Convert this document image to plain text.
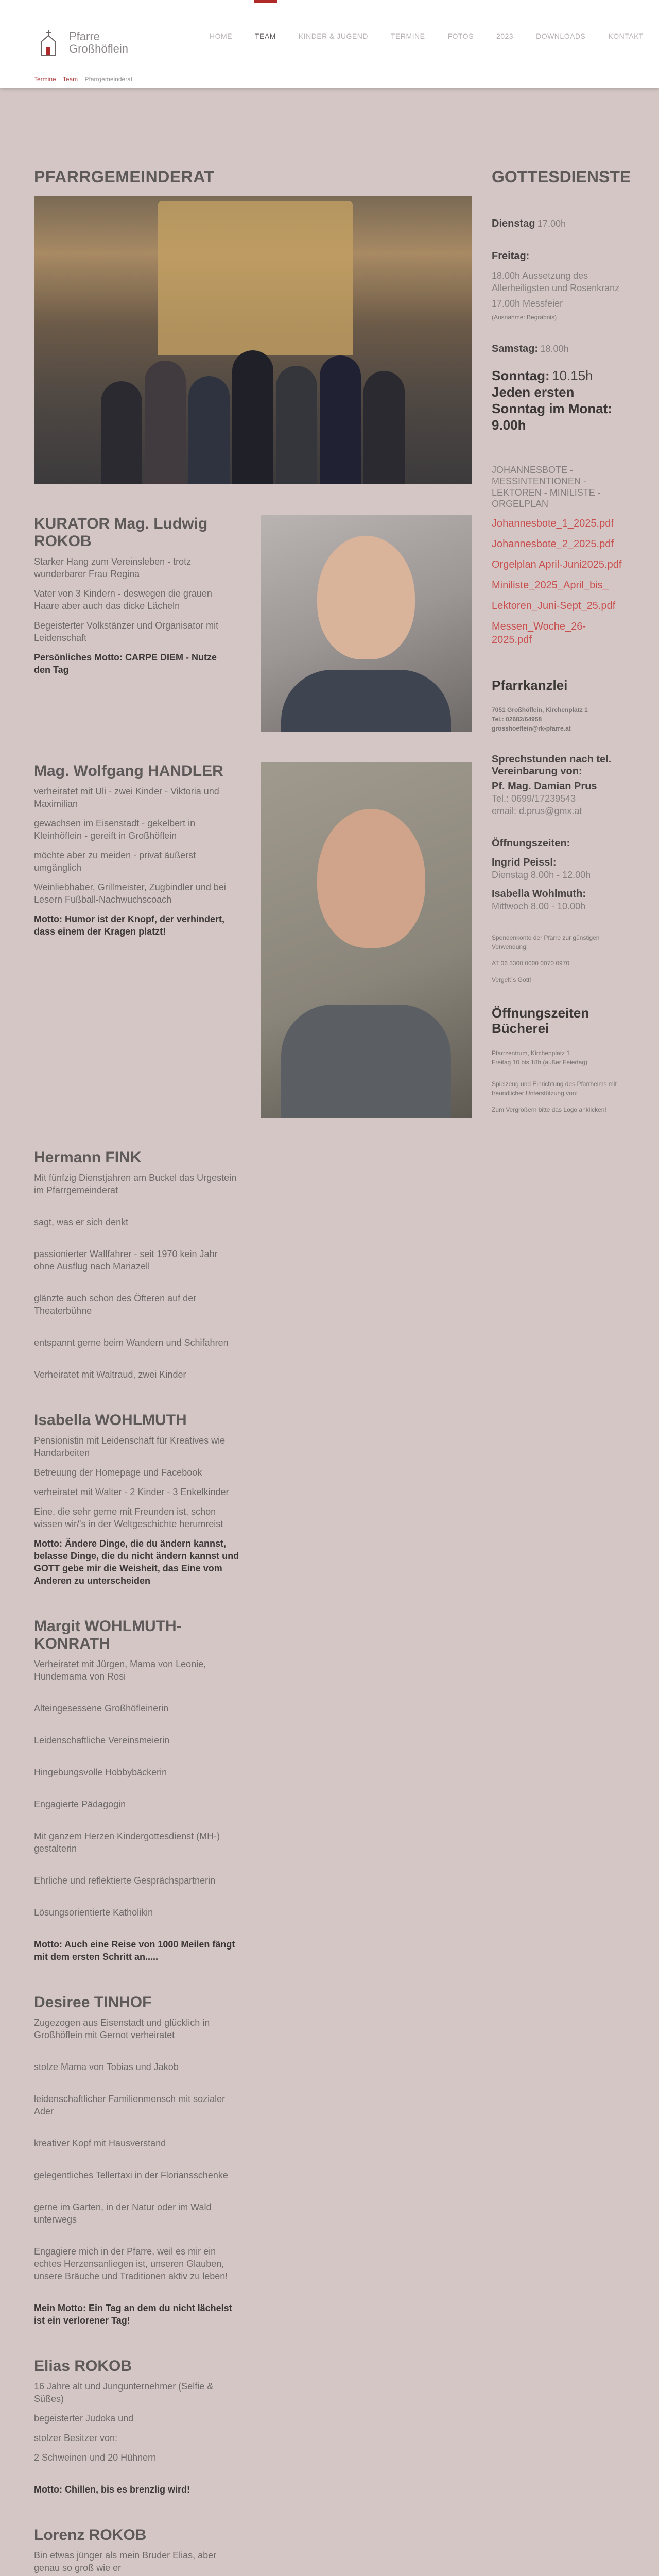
Pfarre
Großhöflein
Termine Team Pfarrgemeinderat
HOME	TEAM	KINDER & JUGEND	TERMINE	FOTOS	2023	DOWNLOADS	KONTAKT
PFARRGEMEINDERAT
KURATOR Mag. Ludwig ROKOB

Starker Hang zum Vereinsleben - trotz wunderbarer Frau Regina

Vater von 3 Kindern - deswegen die grauen Haare aber auch das dicke Lächeln

Begeisterter Volkstänzer und Organisator mit Leidenschaft

Persönliches Motto: CARPE DIEM - Nutze den Tag

Mag. Wolfgang HANDLER

verheiratet mit Uli - zwei Kinder - Viktoria und Maximilian

gewachsen im Eisenstadt - gekelbert in Kleinhöflein - gereift in Großhöflein

möchte aber zu meiden - privat äußerst umgänglich

Weinliebhaber, Grillmeister, Zugbindler und bei Lesern Fußball-Nachwuchscoach

Motto: Humor ist der Knopf, der verhindert, dass einem der Kragen platzt!

Hermann FINK

Mit fünfzig Dienstjahren am Buckel das Urgestein im Pfarrgemeinderat

sagt, was er sich denkt

passionierter Wallfahrer - seit 1970 kein Jahr ohne Ausflug nach Mariazell

glänzte auch schon des Öfteren auf der Theaterbühne

entspannt gerne beim Wandern und Schifahren

Verheiratet mit Waltraud, zwei Kinder

Isabella WOHLMUTH

Pensionistin mit Leidenschaft für Kreatives wie Handarbeiten

Betreuung der Homepage und Facebook

verheiratet mit Walter - 2 Kinder - 3 Enkelkinder

Eine, die sehr gerne mit Freunden ist, schon wissen wir/'s in der Weltgeschichte herumreist

Motto: Ändere Dinge, die du ändern kannst, belasse Dinge, die du nicht ändern kannst und GOTT gebe mir die Weisheit, das Eine vom Anderen zu unterscheiden

Margit WOHLMUTH-KONRATH

Verheiratet mit Jürgen, Mama von Leonie, Hundemama von Rosi

Alteingesessene Großhöfleinerin

Leidenschaftliche Vereinsmeierin

Hingebungsvolle Hobbybäckerin

Engagierte Pädagogin

Mit ganzem Herzen Kindergottesdienst (MH-) gestalterin

Ehrliche und reflektierte Gesprächspartnerin

Lösungsorientierte Katholikin

Motto: Auch eine Reise von 1000 Meilen fängt mit dem ersten Schritt an.....

Desiree TINHOF

Zugezogen aus Eisenstadt und glücklich in Großhöflein mit Gernot verheiratet

stolze Mama von Tobias und Jakob

leidenschaftlicher Familienmensch mit sozialer Ader

kreativer Kopf mit Hausverstand

gelegentliches Tellertaxi in der Floriansschenke

gerne im Garten, in der Natur oder im Wald unterwegs

Engagiere mich in der Pfarre, weil es mir ein echtes Herzensanliegen ist, unseren Glauben, unsere Bräuche und Traditionen aktiv zu leben!

Mein Motto: Ein Tag an dem du nicht lächelst ist ein verlorener Tag!

Elias ROKOB

16 Jahre alt und Jungunternehmer (Selfie & Süßes)

begeisterter Judoka und

stolzer Besitzer von:

2 Schweinen und 20 Hühnern

Motto: Chillen, bis es brenzlig wird!

Lorenz ROKOB

Bin etwas jünger als mein Bruder Elias, aber genau so groß wie er

GOTTESDIENSTE
Dienstag 17.00h
Freitag:
18.00h Aussetzung des Allerheiligsten und Rosenkranz
17.00h Messfeier
(Ausnahme: Begräbnis)
Samstag: 18.00h
Sonntag: 10.15h
Jeden ersten Sonntag im Monat: 9.00h
JOHANNESBOTE - MESSINTENTIONEN - LEKTOREN - MINILISTE - ORGELPLAN
Johannesbote_1_2025.pdf
Johannesbote_2_2025.pdf
Orgelplan April-Juni2025.pdf
Miniliste_2025_April_bis_
Lektoren_Juni-Sept_25.pdf
Messen_Woche_26-2025.pdf
Pfarrkanzlei
7051 Großhöflein, Kirchenplatz 1
Tel.: 02682/64958
grosshoeflein@rk-pfarre.at
Sprechstunden nach tel. Vereinbarung von:
Pf. Mag. Damian Prus
Tel.: 0699/17239543
email: d.prus@gmx.at
Öffnungszeiten:
Ingrid Peissl:
Dienstag 8.00h - 12.00h
Isabella Wohlmuth:
Mittwoch 8.00 - 10.00h
Spendenkonto der Pfarre zur günstigen Verwendung:
AT 06 3300 0000 0070 0970
Vergelt´s Gott!
Öffnungszeiten Bücherei
Pfarrzentrum, Kirchenplatz 1
Freitag 10 bis 18h (außer Feiertag)
Spielzeug und Einrichtung des Pfarrheims mit freundlicher Unterstützung von:
Zum Vergrößern bitte das Logo anklicken!
